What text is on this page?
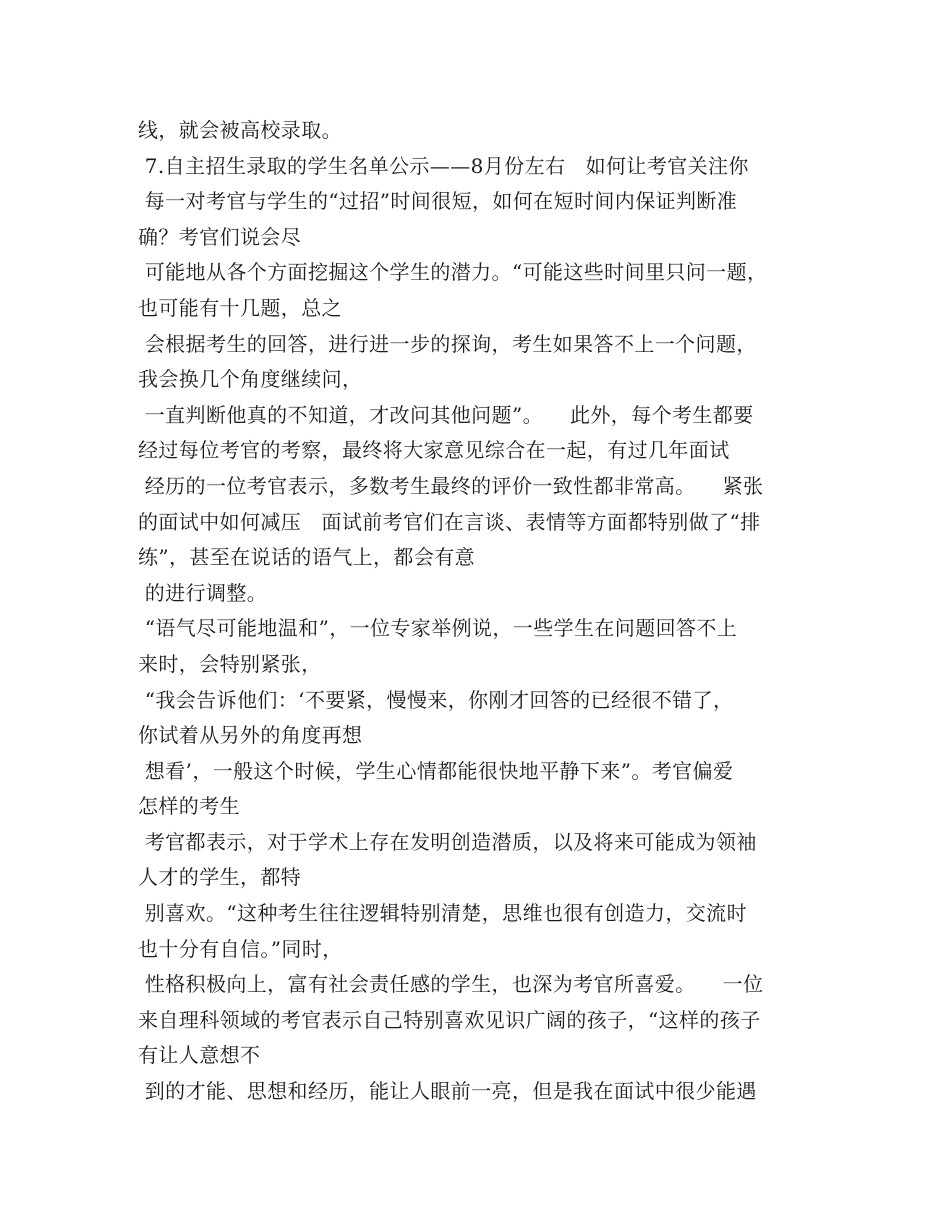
线，就会被高校录取。
7.自主招生录取的学生名单公示——8月份左右   如何让考官关注你
每一对考官与学生的“过招”时间很短，如何在短时间内保证判断准
确？考官们说会尽
可能地从各个方面挖掘这个学生的潜力。“可能这些时间里只问一题，
也可能有十几题，总之
会根据考生的回答，进行进一步的探询，考生如果答不上一个问题，
我会换几个角度继续问，
一直判断他真的不知道，才改问其他问题”。    此外，每个考生都要
经过每位考官的考察，最终将大家意见综合在一起，有过几年面试
经历的一位考官表示，多数考生最终的评价一致性都非常高。    紧张
的面试中如何减压   面试前考官们在言谈、表情等方面都特别做了“排
练”，甚至在说话的语气上，都会有意
的进行调整。
“语气尽可能地温和”，一位专家举例说，一些学生在问题回答不上
来时，会特别紧张，
“我会告诉他们：‘不要紧，慢慢来，你刚才回答的已经很不错了，
你试着从另外的角度再想
想看’，一般这个时候，学生心情都能很快地平静下来”。考官偏爱
怎样的考生
考官都表示，对于学术上存在发明创造潜质，以及将来可能成为领袖
人才的学生，都特
别喜欢。“这种考生往往逻辑特别清楚，思维也很有创造力，交流时
也十分有自信。”同时，
性格积极向上，富有社会责任感的学生，也深为考官所喜爱。    一位
来自理科领域的考官表示自己特别喜欢见识广阔的孩子，“这样的孩子
有让人意想不
到的才能、思想和经历，能让人眼前一亮，但是我在面试中很少能遇
